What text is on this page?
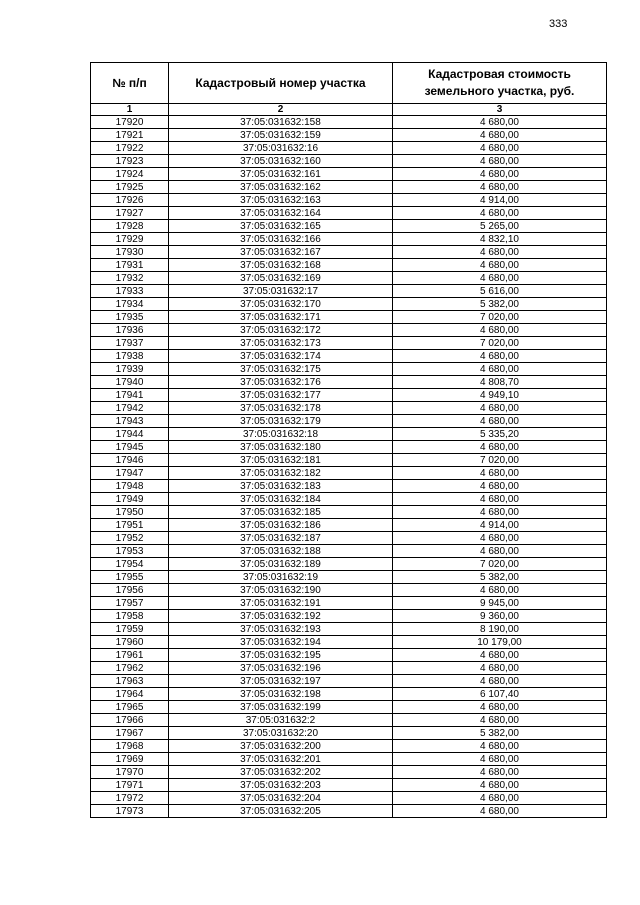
333
№ п/п	Кадастровый номер участка	Кадастровая стоимость земельного участка, руб.
1	2	3
17920	37:05:031632:158	4 680,00
17921	37:05:031632:159	4 680,00
17922	37:05:031632:16	4 680,00
17923	37:05:031632:160	4 680,00
17924	37:05:031632:161	4 680,00
17925	37:05:031632:162	4 680,00
17926	37:05:031632:163	4 914,00
17927	37:05:031632:164	4 680,00
17928	37:05:031632:165	5 265,00
17929	37:05:031632:166	4 832,10
17930	37:05:031632:167	4 680,00
17931	37:05:031632:168	4 680,00
17932	37:05:031632:169	4 680,00
17933	37:05:031632:17	5 616,00
17934	37:05:031632:170	5 382,00
17935	37:05:031632:171	7 020,00
17936	37:05:031632:172	4 680,00
17937	37:05:031632:173	7 020,00
17938	37:05:031632:174	4 680,00
17939	37:05:031632:175	4 680,00
17940	37:05:031632:176	4 808,70
17941	37:05:031632:177	4 949,10
17942	37:05:031632:178	4 680,00
17943	37:05:031632:179	4 680,00
17944	37:05:031632:18	5 335,20
17945	37:05:031632:180	4 680,00
17946	37:05:031632:181	7 020,00
17947	37:05:031632:182	4 680,00
17948	37:05:031632:183	4 680,00
17949	37:05:031632:184	4 680,00
17950	37:05:031632:185	4 680,00
17951	37:05:031632:186	4 914,00
17952	37:05:031632:187	4 680,00
17953	37:05:031632:188	4 680,00
17954	37:05:031632:189	7 020,00
17955	37:05:031632:19	5 382,00
17956	37:05:031632:190	4 680,00
17957	37:05:031632:191	9 945,00
17958	37:05:031632:192	9 360,00
17959	37:05:031632:193	8 190,00
17960	37:05:031632:194	10 179,00
17961	37:05:031632:195	4 680,00
17962	37:05:031632:196	4 680,00
17963	37:05:031632:197	4 680,00
17964	37:05:031632:198	6 107,40
17965	37:05:031632:199	4 680,00
17966	37:05:031632:2	4 680,00
17967	37:05:031632:20	5 382,00
17968	37:05:031632:200	4 680,00
17969	37:05:031632:201	4 680,00
17970	37:05:031632:202	4 680,00
17971	37:05:031632:203	4 680,00
17972	37:05:031632:204	4 680,00
17973	37:05:031632:205	4 680,00
